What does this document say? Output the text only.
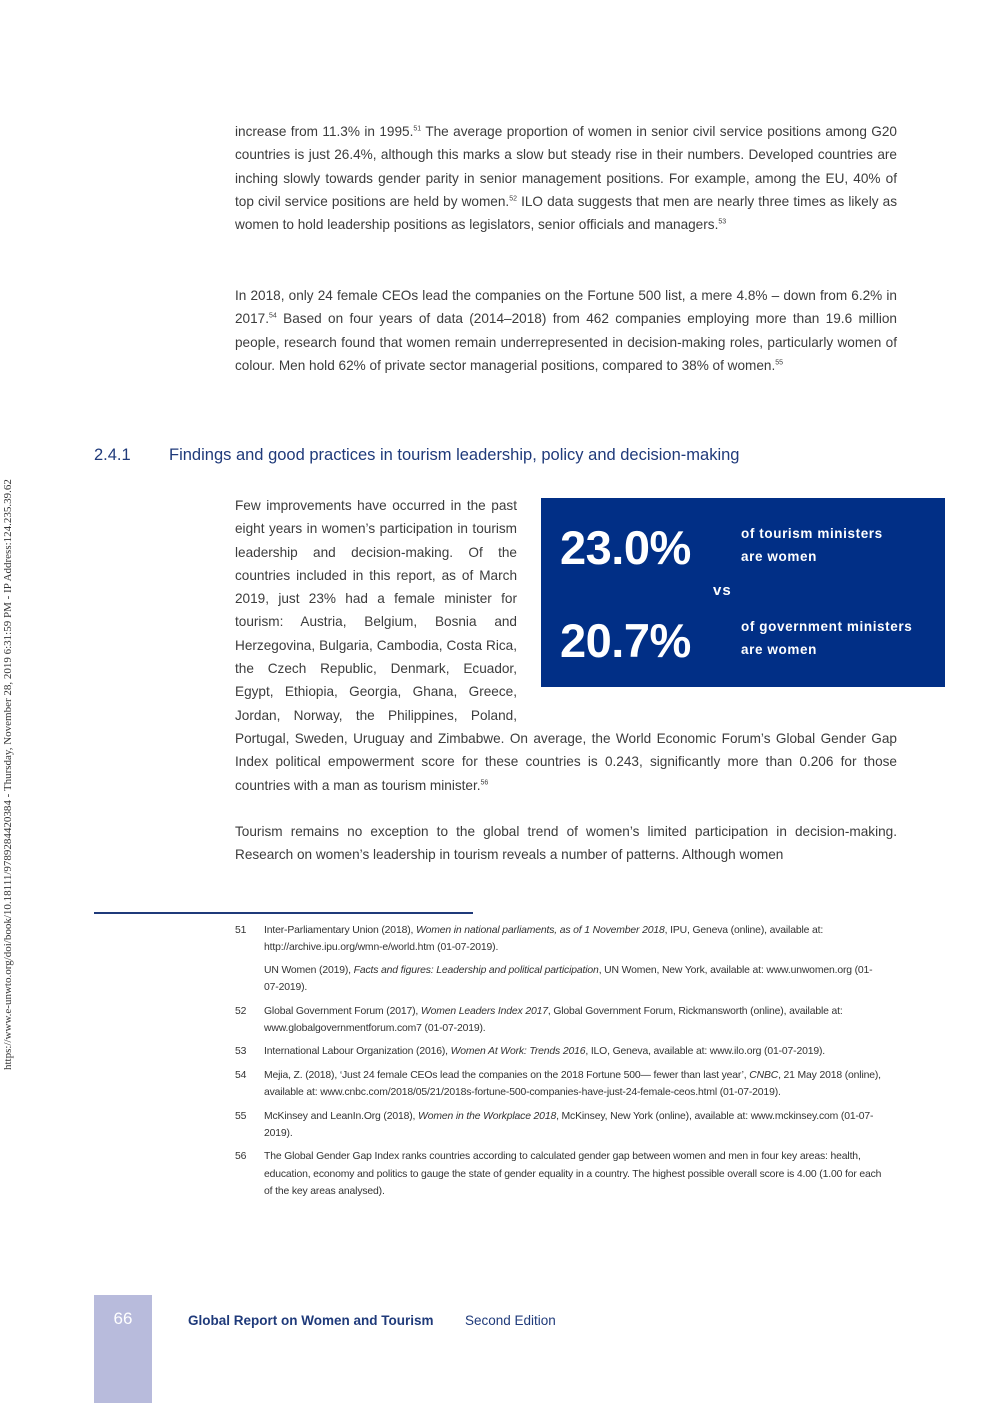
https://www.e-unwto.org/doi/book/10.18111/9789284420384 - Thursday, November 28, 2019 6:31:59 PM - IP Address:124.235.39.62

increase from 11.3% in 1995.51 The average proportion of women in senior civil service positions among G20 countries is just 26.4%, although this marks a slow but steady rise in their numbers. Developed countries are inching slowly towards gender parity in senior management positions. For example, among the EU, 40% of top civil service positions are held by women.$^{52}$ ILO data suggests that men are nearly three times as likely as women to hold leadership positions as legislators, senior officials and managers.$^{53}$

In 2018, only 24 female CEOs lead the companies on the Fortune 500 list, a mere 4.8% – down from 6.2% in 2017.54 Based on four years of data (2014–2018) from 462 companies employing more than 19.6 million people, research found that women remain underrepresented in decision-making roles, particularly women of colour. Men hold 62% of private sector managerial positions, compared to 38% of women.$^{55}$

2.4.1 Findings and good practices in tourism leadership, policy and decision-making

Few improvements have occurred in the past eight years in women’s participation in tourism leadership and decision-making. Of the countries included in this report, as of March 2019, just 23% had a female minister for tourism: Austria, Belgium, Bosnia and Herzegovina, Bulgaria, Cambodia, Costa Rica, the Czech Republic, Denmark, Ecuador, Egypt, Ethiopia, Georgia, Ghana, Greece, Jordan, Norway, the Philippines, Poland, Portugal, Sweden, Uruguay and Zimbabwe. On average, the World Economic Forum’s Global Gender Gap Index political empowerment score for these countries is 0.243, significantly more than 0.206 for those countries with a man as tourism minister.$^{56}$

23.0%	of tourism ministers
are women
vs
20.7%	of government ministers
are women

Tourism remains no exception to the global trend of women’s limited participation in decision-making. Research on women’s leadership in tourism reveals a number of patterns. Although women

51 Inter-Parliamentary Union (2018), Women in national parliaments, as of 1 November 2018, IPU, Geneva (online), available at: http://archive.ipu.org/wmn-e/world.htm (01-07-2019).

UN Women (2019), Facts and figures: Leadership and political participation, UN Women, New York, available at: www.unwomen.org (01-07-2019).

52 Global Government Forum (2017), Women Leaders Index 2017, Global Government Forum, Rickmansworth (online), available at: www.globalgovernmentforum.com7 (01-07-2019).

53 International Labour Organization (2016), Women At Work: Trends 2016, ILO, Geneva, available at: www.ilo.org (01-07-2019).

54 Mejia, Z. (2018), ‘Just 24 female CEOs lead the companies on the 2018 Fortune 500— fewer than last year’, CNBC, 21 May 2018 (online), available at: www.cnbc.com/2018/05/21/2018s-fortune-500-companies-have-just-24-female-ceos.html (01-07-2019).

55 McKinsey and LeanIn.Org (2018), Women in the Workplace 2018, McKinsey, New York (online), available at: www.mckinsey.com (01-07-2019).

56 The Global Gender Gap Index ranks countries according to calculated gender gap between women and men in four key areas: health, education, economy and politics to gauge the state of gender equality in a country. The highest possible overall score is 4.00 (1.00 for each of the key areas analysed).

66	Global Report on Women and Tourism Second Edition
